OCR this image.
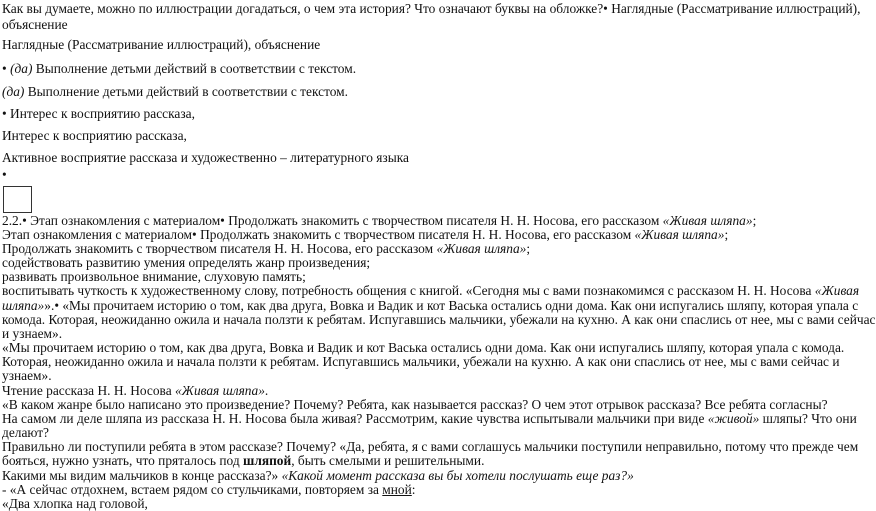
Как вы думаете, можно по иллюстрации догадаться, о чем эта история? Что означают буквы на обложке?• Наглядные (Рассматривание иллюстраций),
объяснение
Наглядные (Рассматривание иллюстраций), объяснение
• (да) Выполнение детьми действий в соответствии с текстом.
(да) Выполнение детьми действий в соответствии с текстом.
• Интерес к восприятию рассказа,
Интерес к восприятию рассказа,
Активное восприятие рассказа и художественно – литературного языка
•
2.2.• Этап ознакомления с материалом• Продолжать знакомить с творчеством писателя Н. Н. Носова, его рассказом «Живая шляпа»;
Этап ознакомления с материалом• Продолжать знакомить с творчеством писателя Н. Н. Носова, его рассказом «Живая шляпа»;
Продолжать знакомить с творчеством писателя Н. Н. Носова, его рассказом «Живая шляпа»;
содействовать развитию умения определять жанр произведения;
развивать произвольное внимание, слуховую память;
воспитывать чуткость к художественному слову, потребность общения с книгой. «Сегодня мы с вами познакомимся с рассказом Н. Н. Носова «Живая
шляпа»».• «Мы прочитаем историю о том, как два друга, Вовка и Вадик и кот Васька остались одни дома. Как они испугались шляпу, которая упала с
комода. Которая, неожиданно ожила и начала ползти к ребятам. Испугавшись мальчики, убежали на кухню. А как они спаслись от нее, мы с вами сейчас
и узнаем».
«Мы прочитаем историю о том, как два друга, Вовка и Вадик и кот Васька остались одни дома. Как они испугались шляпу, которая упала с комода.
Которая, неожиданно ожила и начала ползти к ребятам. Испугавшись мальчики, убежали на кухню. А как они спаслись от нее, мы с вами сейчас и
узнаем».
Чтение рассказа Н. Н. Носова «Живая шляпа».
«В каком жанре было написано это произведение? Почему? Ребята, как называется рассказ? О чем этот отрывок рассказа? Все ребята согласны?
На самом ли деле шляпа из рассказа Н. Н. Носова была живая? Рассмотрим, какие чувства испытывали мальчики при виде «живой» шляпы? Что они
делают?
Правильно ли поступили ребята в этом рассказе? Почему? «Да, ребята, я с вами соглашусь мальчики поступили неправильно, потому что прежде чем
бояться, нужно узнать, что пряталось под шляпой, быть смелыми и решительными.
Какими мы видим мальчиков в конце рассказа?» «Какой момент рассказа вы бы хотели послушать еще раз?»
- «А сейчас отдохнем, встаем рядом со стульчиками, повторяем за мной:
«Два хлопка над головой,
